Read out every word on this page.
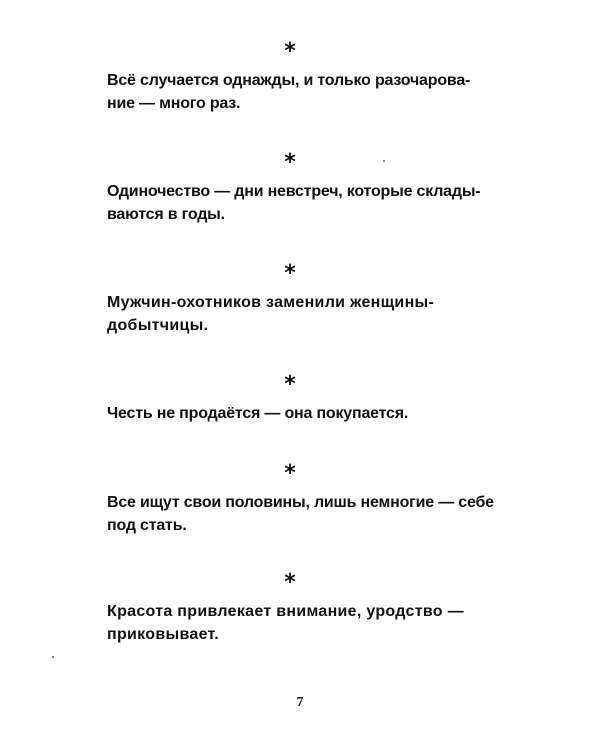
*
Всё случается однажды, и только разочарова-
ние — много раз.
*
Одиночество — дни невстреч, которые склады-
ваются в годы.
*
Мужчин-охотников заменили женщины-
добытчицы.
*
Честь не продаётся — она покупается.
*
Все ищут свои половины, лишь немногие — себе
под стать.
*
Красота привлекает внимание, уродство —
приковывает.
7
